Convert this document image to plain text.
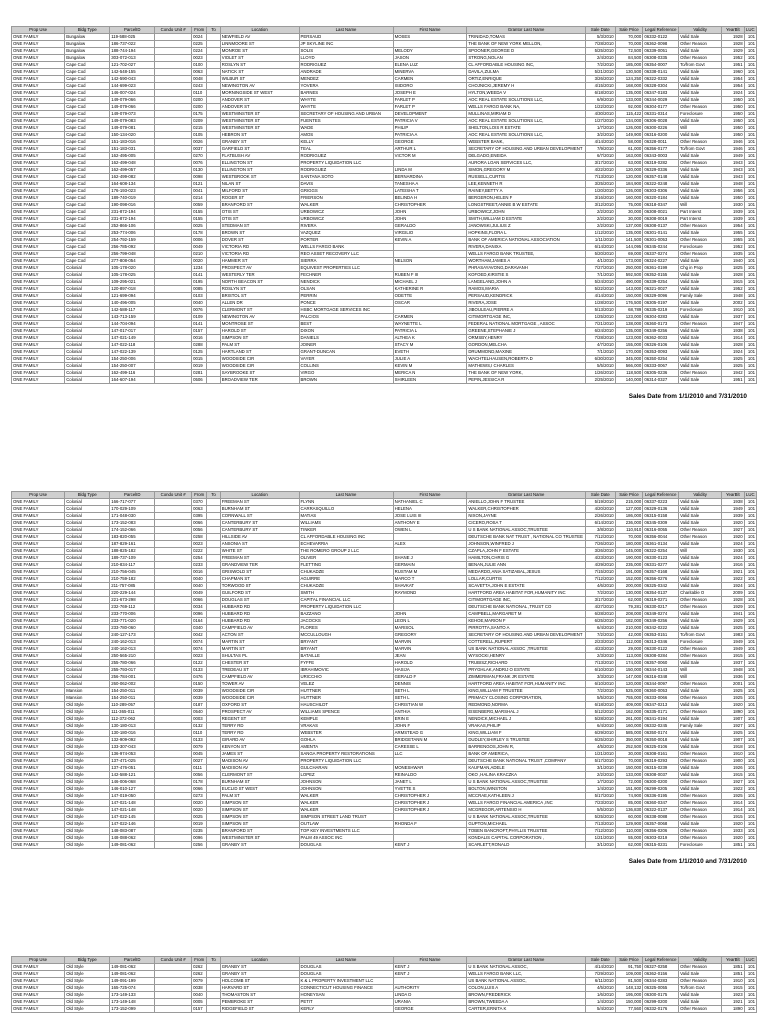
Prop Use	Bldg Type	ParcelID	Condo Unit #	From	To	Location	Last Name	First Name	Grantor Last Name	Sale Date	Sale Price	Legal Reference	Validity	YearBlt	LUC
ONE FAMILY	Bungalow	119-588-025		0024		NEWFIELD AV	PERSAUD	MOSES	TRINIDAD,TOMAS	5/3/2010	70,000	06332-0122	Valid Sale	1928	101
ONE FAMILY	Bungalow	186-737-022		0225		LINNMOORE ST	JP SKYLINE INC		THE BANK OF NEW YORK MELLON,	7/28/2010	70,000	06362-0098	Other Reason	1928	101
ONE FAMILY	Bungalow	188-744-194		0224		MONROE ST	SOLIS	MELODY	SPOONER,GEORGE D	5/25/2010	72,500	06339-0051	Valid Sale	1929	101
ONE FAMILY	Bungalow	303-072-013		0023		VIOLET ST	LLOYD	JASON	STRONG,NOLAN	2/4/2010	84,500	06308-0335	Other Reason	1952	101
ONE FAMILY	Cape Cod	121-702-027		0100		ROSLYN ST	RODRIGUEZ	ELENA LUZ	CL AFFORDABLE HOUSING INC,	7/2/2010	185,000	06354-0007	To/from Govt	1951	101
ONE FAMILY	Cape Cod	142-548-155		0063		NATICK ST	ANDRADE	MINERVA	DAVILA,ZULMA	5/21/2010	130,500	06338-0141	Valid Sale	1960	101
ONE FAMILY	Cape Cod	142-590-043		0048		WILBUR ST	MENDEZ	CARMEN	ORTIZ,ENRIQUE	3/26/2010	124,250	06322-0332	Valid Sale	1954	101
ONE FAMILY	Cape Cod	144-699-023		0243		NEWINGTON AV	YOVERA	ISIDORO	CHOJNICKI,JEREMY H	4/15/2010	168,000	06328-0304	Valid Sale	1954	101
ONE FAMILY	Cape Cod	146-007-024		0110		MORNINGSIDE ST WEST	BARNES	JOSEPH E	HYLTON,WEEDA V	6/18/2010	135,000	06347-0183	Valid Sale	1924	101
ONE FAMILY	Cape Cod	149-079-066		0200		ANDOVER ST	WHYTE	FARLET P	AOC REAL ESTATE SOLUTIONS LLC,	6/9/2010	133,000	06344-0029	Valid Sale	1950	101
ONE FAMILY	Cape Cod	149-079-066		0200		ANDOVER ST	WHYTE	FARLET P	WELLS FARGO BANK NA,	1/22/2010	92,000	06304-0177	Other Reason	1950	101
ONE FAMILY	Cape Cod	149-079-073		0175		WESTMINSTER ST	SECRETARY OF HOUSING AND URBAN	DEVELOPMENT	MULLINAS,MIRIAM D	4/30/2010	115,422	06331-0314	Foreclosure	1950	101
ONE FAMILY	Cape Cod	149-079-083		0209		WESTMINSTER ST	FUENTES	PATRICIA V	AOC REAL ESTATE SOLUTIONS LLC,	1/27/2010	134,000	06306-0028	Valid Sale	1950	101
ONE FAMILY	Cape Cod	149-079-081		0215		WESTMINSTER ST	WADE	PHILIP	SHELTON,LOIS R ESTATE	1/7/2010	126,000	06300-0226	Will	1950	101
ONE FAMILY	Cape Cod	150-134-020		0105		HEBRON ST	AMOS	PATRICIA A	AOC REAL ESTATE SOLUTIONS LLC,	3/2/2010	149,900	06316-0200	Valid Sale	1950	101
ONE FAMILY	Cape Cod	151-183-016		0026		GRANBY ST	KELLY	GEORGE	WEBSTER BANK,	4/14/2010	58,000	06328-0011	Other Reason	1946	101
ONE FAMILY	Cape Cod	151-183-031		0037		GARFIELD ST	TEAL	ARTHUR L	SECRETARY OF HOUSING AND URBAN DEVELOPMENT	7/9/2010	61,000	06356-0177	To/from Govt	1946	101
ONE FAMILY	Cape Cod	162-495-005		0270		FLATBUSH AV	RODRIGUEZ	VICTOR M	DELGADO,ENEIDA	6/7/2010	163,000	06343-0003	Valid Sale	1949	101
ONE FAMILY	Cape Cod	162-499-048		0076		ELLINGTON ST	PROPERTY LIQUIDATION LLC		AURORA LOAN SERVICES LLC,	3/17/2010	63,000	06319-0282	Other Reason	1943	101
ONE FAMILY	Cape Cod	162-499-057		0130		ELLINGTON ST	RODRIGUEZ	LINDA M	SIMON,GREGORY M	4/22/2010	120,000	06329-0336	Valid Sale	1943	101
ONE FAMILY	Cape Cod	162-499-082		0098		WESTBROOK ST	SANTANA SOTO	BERNARDINA	RUSSELL,CURTIS	7/13/2010	120,000	06357-0148	Valid Sale	1943	101
ONE FAMILY	Cape Cod	164-608-134		0121		NILAN ST	DAVIS	TANESHA A	LEE,KENNETH R	3/25/2010	184,900	06322-0248	Valid Sale	1948	101
ONE FAMILY	Cape Cod	176-193-023		0041		MILFORD ST	GRIGGS	LATEISHA T	RAINEY,BETTY A	1/20/2010	126,000	06303-0306	Valid Sale	1956	101
ONE FAMILY	Cape Cod	189-740-019		0214		ROGER ST	FRIERSON	BELINDA H	BERGERON,HELEN F	3/16/2010	160,000	06320-0184	Valid Sale	1950	101
ONE FAMILY	Cape Cod	190-098-016		0059		BRANFORD ST	WALKER	CHRISTOPHER	LONGSTREET,ANNIE B W ESTATE	3/12/2010	75,000	06318-0347	Will	1930	101
ONE FAMILY	Cape Cod	231-872-194		0155		OTIS ST	URBOWICZ	JOHN	URBOWICZ,JOHN	2/2/2010	30,000	06308-0021	Part Interst	1939	101
ONE FAMILY	Cape Cod	231-872-194		0155		OTIS ST	URBOWICZ	JOHN	SMITH,WILLIAM D ESTATE	2/2/2010	30,000	06308-0019	Part Interst	1939	101
ONE FAMILY	Cape Cod	252-866-106		0025		STEDMAN ST	RIVERA	GERALDO	JANOWSKI,JULIUS Z	2/2/2010	137,000	06308-0137	Other Reason	1954	101
ONE FAMILY	Cape Cod	253-774-006		0178		BROWN ST	VAZQUEZ	VIRGILIO	HOPKINS,FLORA L	1/12/2010	135,000	06301-0141	Valid Sale	1955	101
ONE FAMILY	Cape Cod	254-792-159		0006		DOVER ST	PORTER	KEVIN A	BANK OF AMERICA NATIONAL ASSOCIATION	1/11/2010	141,500	06301-0053	Other Reason	1955	101
ONE FAMILY	Cape Cod	256-785-092		0049		VICTORIA RD	WELLS FARGO BANK		RIVERA,DANIXA	6/14/2010	144,095	06345-0244	Foreclosure	1952	101
ONE FAMILY	Cape Cod	256-799-048		0210		VICTORIA RD	REO ASSET RECOVERY LLC		WELLS FARGO BANK TRUSTEE,	5/20/2010	69,000	06337-0274	Other Reason	1935	101
ONE FAMILY	Cape Cod	277-808-054		0020		HAMMER ST	SIERRA	NELSON	WORTHAM,JAMES A	4/1/2010	173,000	06324-0227	Valid Sale	1940	101
ONE FAMILY	Colonial	105-178-020		1234		PROSPECT AV	EQUIVEST PROPERTIES LLC		PHRASAYAVONG,DARAVANH	7/27/2010	250,000	06361-0199	Chg in Prop	1825	101
ONE FAMILY	Colonial	105-178-025		0141		WESTERLY TER	FECHNER	RUBEN F III	KOFOED,KIRSTIE S	7/1/2010	592,500	06352-0155	Valid Sale	1928	101
ONE FAMILY	Colonial	109-295-021		0195		NORTH BEACON ST	NENDICK	MICHAEL J	LANGELAND,JOHN A	5/24/2010	490,000	06339-0254	Valid Sale	1915	101
ONE FAMILY	Colonial	120-897-018		0085		ROSLYN ST	OLSAN	KATHERINE R	RAMOS,MARIA	5/22/2010	143,000	06321-0027	Valid Sale	1952	101
ONE FAMILY	Colonial	121-699-094		0103		BRISTOL ST	PERRIN	ODETTE	PERSAUD,KENDRICK	4/14/2010	150,000	06329-0096	Family Sale	1948	101
ONE FAMILY	Colonial	140-496-005		0040		ALLEN DR	PONCE	OSCAR	RIVERA,JOSE	1/28/2010	176,500	06305-0197	Valid Sale	2002	101
ONE FAMILY	Colonial	142-588-117		0076		CLERMONT ST	HSBC MORTGAGE SERVICES INC		JIBOULEAU,PIERRE A	5/13/2010	68,789	06335-0219	Foreclosure	1910	101
ONE FAMILY	Colonial	143-713-159		0109		NEWINGTON AV	PALCIOS	CARMEN	CITIMORTGAGE INC,	1/25/2010	123,000	06304-0283	Valid Sale	1937	101
ONE FAMILY	Colonial	144-704-094		0141		MONTROSE ST	BEST	WAYNETTE L	FEDERAL NATIONAL MORTGAGE , ASSOC	7/21/2010	138,000	06360-0173	Other Reason	1947	101
ONE FAMILY	Colonial	147-017-017		0157		HAROLD ST	DIXON	PATRICIA L	GREENE,STEPHANIE J	6/24/2010	135,000	06349-0256	Valid Sale	1938	101
ONE FAMILY	Colonial	147-021-149		0016		SIMPSON ST	DANIELS	ALTHEA K	ORMSBY,HENRY	7/28/2010	123,000	06362-0033	Valid Sale	1914	101
ONE FAMILY	Colonial	147-022-118		0288		PALM ST	JOINER	STACY M	GORDON,MELCHA	4/7/2010	155,000	06326-0106	Valid Sale	1928	101
ONE FAMILY	Colonial	147-022-139		0125		HARTLAND ST	GRANT-DUNCAN	EVETH	DRUMMOND,MAXINE	7/1/2010	170,000	06353-0093	Valid Sale	1924	101
ONE FAMILY	Colonial	154-250-006		0015		WOODSIDE CIR	VAYER	JULIE A	WACHTELHAUSEN,ROBERTA D	6/30/2010	345,000	06350-0254	Valid Sale	1925	101
ONE FAMILY	Colonial	154-250-007		0019		WOODSIDE CIR	COLLINS	KEVIN M	MATHEWS,I CHARLES	5/5/2010	566,000	06333-0067	Valid Sale	1925	101
ONE FAMILY	Colonial	162-499-116		0281		SAYBROOKE ST	VIRGO	MERICA N	THE BANK OF NEW YORK,	1/26/2010	118,500	06305-0236	Other Reason	1942	101
ONE FAMILY	Colonial	164-607-194		0506		BROADVIEW TER	BROWN	SHIRLEEN	PEPIN,JESSICA R	2/25/2010	140,000	06314-0327	Valid Sale	1951	101
Sales Date from 1/1/2010 and 7/31/2010
Prop Use	Bldg Type	ParcelID	Condo Unit #	From	To	Location	Last Name	First Name	Grantor Last Name	Sale Date	Sale Price	Legal Reference	Validity	YearBlt	LUC
ONE FAMILY	Colonial	166-717-077		0370		FREEMAN ST	FLYNN	NATHANIEL C	ANIELLO,JOHN F TRUSTEE	5/19/2010	215,000	06337-0223	Valid Sale	1938	101
ONE FAMILY	Colonial	170-029-109		0063		BURNHAM ST	CARRASQUILLO	HELENA	WALKER,CHRISTOPHER	4/20/2010	127,000	06329-0136	Valid Sale	1949	101
ONE FAMILY	Colonial	171-048-030		0395		CORNWALL ST	MATIAS	JOSE LUIS III	NIXON,JAYNE	2/26/2010	186,000	06315-0158	Valid Sale	1939	101
ONE FAMILY	Colonial	173-152-083		0066		CANTERBURY ST	WILLIAMS	ANTHONY E	CICERO,ROSA T	6/14/2010	236,000	06345-0309	Valid Sale	1920	101
ONE FAMILY	Colonial	174-152-066		0056		CANTERBURY ST	TINKER	OWEN L	U S BANK NATIONAL ASSOC,TRUSTEE	3/8/2010	110,910	06316-0055	Other Reason	1927	101
ONE FAMILY	Colonial	183-820-055		0258		HILLSIDE AV	CL AFFORDABLE HOUSING INC		DEUTSCHE BANK NAT TRUST , NATIONAL CO TRUSTEE	7/12/2010	70,000	06356-0044	Other Reason	1920	101
ONE FAMILY	Colonial	187-829-161		0023		ANSONIA ST	ECHEVARRIA	ALEX	JOHNSON,WINFRED J	7/26/2010	180,000	06361-0134	Valid Sale	1924	101
ONE FAMILY	Colonial	188-825-182		0222		WHITE ST	THE ROMERO GROUP 2 LLC		CZAPLA,JOHN F ESTATE	3/26/2010	145,000	06322-0254	Will	1930	101
ONE FAMILY	Colonial	189-737-109		0254		FREEMAN ST	OLIVER	SHANE J	HAMILTON,CHRIS G	4/23/2010	190,000	06330-0123	Valid Sale	1924	101
ONE FAMILY	Colonial	210-834-117		0233		GRANDVIEW TER	FLETTING	GERMAIN	BENAN,JULIE ANN	4/29/2010	235,000	06331-0277	Valid Sale	1916	101
ONE FAMILY	Colonial	210-756-045		0016		GRISWOLD ST	CHUKADZE	RUSTAM M	MEDARDO,ANIA SATIZABAL,JESUS	7/15/2010	191,000	06357-0168	Valid Sale	1921	101
ONE FAMILY	Colonial	210-759-182		0040		CHAPMAN ST	AGUIRRE	MARCO T	LOLLAR,CURTIS	7/12/2010	152,000	06356-0276	Valid Sale	1922	101
ONE FAMILY	Colonial	211-757-085		0040		TORWOOD ST	CHUKADZE	SHAVKAT	SCAVETTA,JOHN E ESTATE	4/6/2010	200,000	06325-0342	Valid Sale	1924	101
ONE FAMILY	Colonial	220-229-144		0049		GUILFORD ST	SMITH	RAYMOND	HARTFORD AREA HABITAT FOR,HUMANITY INC	7/2/2010	130,000	06354-0137	Charitable O	2009	101
ONE FAMILY	Colonial	221-673-298		0066		DOUGLAS ST	CAPITAL FINANCIAL LLC		CITIMORTGAGE INC,	3/17/2010	62,000	06319-0271	Other Reason	1928	101
ONE FAMILY	Colonial	232-769-112		0034		HUBBARD RD	PROPERTY LIQUIDATION LLC		DEUTSCHE BANK NATIONAL ,TRUST CO	4/27/2010	79,281	06330-0217	Other Reason	1929	101
ONE FAMILY	Colonial	233-770-006		0096		HUBBARD RD	BAZZANO	JOHN	CAMPBELL,MARGARET M	6/28/2010	208,000	06349-0274	Valid Sale	1941	101
ONE FAMILY	Colonial	233-771-020		0164		HUBBARD RD	JACOCKS	LEON L	KEHOE,MARION F	6/25/2010	182,000	06349-0256	Valid Sale	1929	101
ONE FAMILY	Colonial	233-780-060		0340		CAMPFIELD AV	FLORES	MARISOL	PIRROTTA,SANTO A	6/4/2010	210,000	06342-0222	Valid Sale	1925	101
ONE FAMILY	Colonial	240-127-173		0042		ACTON ST	MCCULLOUGH	GREGORY	SECRETARY OF HOUSING AND URBAN DEVELOPMENT	7/2/2010	42,000	06353-0151	To/from Govt	1983	101
ONE FAMILY	Colonial	240-162-013		0074		MARTIN ST	BRYANT	MARVIN	COTTERELL,RUPERT	2/23/2010	112,000	06313-0346	Foreclosure	1949	101
ONE FAMILY	Colonial	240-162-013		0074		MARTIN ST	BRYANT	MARVIN	US BANK NATIONAL ASSOC ,TRUSTEE	4/23/2010	29,000	06330-0122	Other Reason	1949	101
ONE FAMILY	Colonial	250-565-210		0023		SHULTAS PL	BATAILLE	JEAN	WYSOCKI,HENRY	2/3/2010	113,000	06308-0284	Other Reason	1915	101
ONE FAMILY	Colonial	255-780-066		0122		CHESTER ST	FYFFE	HAROLD	TRUBISZ,RICHARD	7/13/2010	174,000	06357-0060	Valid Sale	1937	101
ONE FAMILY	Colonial	255-793-017		0133		TREDEAU ST	IBRAHIMOVIC	HASIJA	PRYGHLAK,ANDRIJ O ESTATE	6/10/2010	150,000	06344-0143	Will	1948	101
ONE FAMILY	Colonial	256-784-001		0476		CAMPFIELD AV	URICCHIO	GERALD F	ZIMMERMAN,FRANK JR ESTATE	3/3/2010	147,000	06316-0348	Will	1936	101
ONE FAMILY	Colonial	260-062-002		0150		TOWER AV	VELEZ	DENNIS	HARTFORD AREA HABITAT FOR,HUMANITY INC	6/10/2010	120,000	06344-0097	Other Reason	2001	101
ONE FAMILY	Mansion	154-250-011		0039		WOODSIDE CIR	HUTTNER	SETH L	KING,WILLIAM F TRUSTEE	7/2/2010	525,000	06360-0053	Valid Sale	1925	101
ONE FAMILY	Mansion	154-250-011		0039		WOODSIDE CIR	HUTTNER	SETH L	PRIMACY CLOSING CORPORATION,	5/5/2010	755,000	06333-0066	Other Reason	1925	101
ONE FAMILY	Old Style	110-289-057		0187		OXFORD ST	HAUSCHILDT	CHRISTIAN W	REDMOND,NORMA	6/18/2010	409,000	06347-0213	Valid Sale	1920	101
ONE FAMILY	Old Style	111-365-011		0540		PROSPECT AV	WILLIAMS SPENCE	ANTHIA	EISENBERG,MARSHAL J	5/12/2010	162,000	06335-0171	Other Reason	1890	101
ONE FAMILY	Old Style	112-372-062		0003		REGENT ST	KEMPLE	ERIN E	NENDICK,MICHAEL J	5/28/2010	261,000	06341-0194	Valid Sale	1907	101
ONE FAMILY	Old Style	130-180-013		0132		TERRY RD	VRAKAS	JOHN F	VRAKAS,PHILIP	6/4/2010	160,000	06332-0245	Family Sale	1927	101
ONE FAMILY	Old Style	130-180-016		0110		TERRY RD	WEBSTER	ARMSTEAD G	KING,WILLIAM F	6/29/2010	585,000	06350-0174	Valid Sale	1925	101
ONE FAMILY	Old Style	132-909-092		0133		GIRARD AV	GOHLA	BRIDGETANN M	DUDLEY,SHIRLEY S TRUSTEE	6/25/2010	350,000	06350-0018	Valid Sale	1907	101
ONE FAMILY	Old Style	133-307-043		0079		KENYON ST	AMENTA	CARESSE L	BARRENGOS,JOHN R,	4/5/2010	252,500	06325-0106	Valid Sale	1918	101
ONE FAMILY	Old Style	136-974-053		0045		JAMES ST	SANGA PROPERTY RESTORATIONS	LLC	BANK OF AMERICA,	1/21/2010	30,000	06308-0161	Other Reason	1910	101
ONE FAMILY	Old Style	137-471-025		0027		MADISON AV	PROPERTY LIQUIDATION LLC		DEUTSCHE BANK NATIONAL TRUST ,COMPANY	5/17/2010	70,000	06319-0293	Other Reason	1900	101
ONE FAMILY	Old Style	137-476-051		0111		MADISON AV	GULCHARAN	MONESHWAR	KAUFMAN,ADELE	3/1/2010	150,000	06315-0239	Valid Sale	1926	101
ONE FAMILY	Old Style	142-588-121		0056		CLERMONT ST	LOPEZ	REINALDO	OKO ,HALINA KRACZKA	2/2/2010	133,000	06308-0037	Valid Sale	1915	101
ONE FAMILY	Old Style	146-006-068		0178		BURNHAM ST	JOHNSON	JANET L	U S BANK NATIONAL ASSOC,TRUSTEE	1/7/2010	72,000	06300-0200	Other Reason	1927	101
ONE FAMILY	Old Style	146-010-127		0066		EUCLID ST WEST	JOHNSON	YVETTE S	BOLTON,WINSTON	1/4/2010	151,900	06299-0205	Valid Sale	1922	101
ONE FAMILY	Old Style	147-019-050		0273		PALM ST	WALKER	CHRISTOPHER J	MCCRAE,KATHLEEN J	5/17/2010	74,900	06336-0195	Other Reason	1925	101
ONE FAMILY	Old Style	147-021-148		0020		SIMPSON ST	WALKER	CHRISTOPHER J	WELLS FARGO FINANCIAL AMERICA ,INC	7/23/2010	85,000	06360-0347	Other Reason	1914	101
ONE FAMILY	Old Style	147-021-148		0020		SIMPSON ST	WALKER	CHRISTOPHER J	MCGREGOR,ARTENSIO H	5/5/2010	136,830	06322-0137	Other Reason	1914	101
ONE FAMILY	Old Style	147-022-145		0025		SIMPSON ST	SIMPSON STREET LAND TRUST		U S BANK NATIONAL ASSOC,TRUSTEE	5/25/2010	60,000	06338-0088	Other Reason	1915	101
ONE FAMILY	Old Style	147-022-146		0019		SIMPSON ST	OUTLAW	RHONDA F	GUPTON,MICHAEL	7/13/2010	129,900	06357-0068	Valid Sale	1920	101
ONE FAMILY	Old Style	148-083-087		0235		BRANFORD ST	TOP KEY INVESTMENTS LLC		TOBEN BANCROFT,PHYLLIS TRUSTEE	7/12/2010	110,000	06356-0206	Other Reason	1933	101
ONE FAMILY	Old Style	148-088-062		0096		WESTMINSTER ST	PALM 49 ASSOC INC		KONDALIS CAPITAL CORPORATION ,	1/21/2010	55,000	06303-0219	Other Reason	1920	101
ONE FAMILY	Old Style	149-081-062		0256		GRANBY ST	DOUGLAS	KENT J	SCARLETT,RONALD	3/1/2010	62,000	06315-0231	Foreclosure	1851	101
Sales Date from 1/1/2010 and 7/31/2010
Prop Use	Bldg Type	ParcelID	Condo Unit #	From	To	Location	Last Name	First Name	Grantor Last Name	Sale Date	Sale Price	Legal Reference	Validity	YearBlt	LUC
ONE FAMILY	Old Style	149-081-062		0262		GRANBY ST	DOUGLAS	KENT J	U S BANK NATIONAL ASSOC,	4/14/2010	91,750	06327-0258	Other Reason	1851	101
ONE FAMILY	Old Style	149-081-062		0262		GRANBY ST	DOUGLAS	KENT J	WELLS FARGO BANK LLC,	7/29/2010	109,000	06362-0156	Valid Sale	1851	101
ONE FAMILY	Old Style	149-091-199		0079		HOLCOMB ST	K & L PROPERTY INVESTMENT LLC		US BANK NATIONAL ASSOC,	6/11/2010	81,500	06344-0283	Other Reason	1910	101
ONE FAMILY	Old Style	165-725-074		0038		HARVARD ST	CONNECTICUT HOUSING FINANCE	AUTHORITY	COLON,LUIS A	4/5/2010	148,132	06325-0055	To/from Govt	1915	101
ONE FAMILY	Old Style	173-149-133		0040		THOMASTON ST	HONEYSAN	LINDA D	BROWN,FREDERICK	1/6/2010	195,000	06300-0175	Valid Sale	1923	101
ONE FAMILY	Old Style	173-149-148		0005		PEMBROKE ST	PETIT	URANIA	BROWN,TWEEDA A	1/4/2010	150,000	06299-0200	Valid Sale	1921	101
ONE FAMILY	Old Style	173-152-099		0157		RIDGEFIELD ST	KERLY	GEORGE	CARTER,ERNITA K	5/4/2010	77,560	06332-0176	Other Reason	1890	101
